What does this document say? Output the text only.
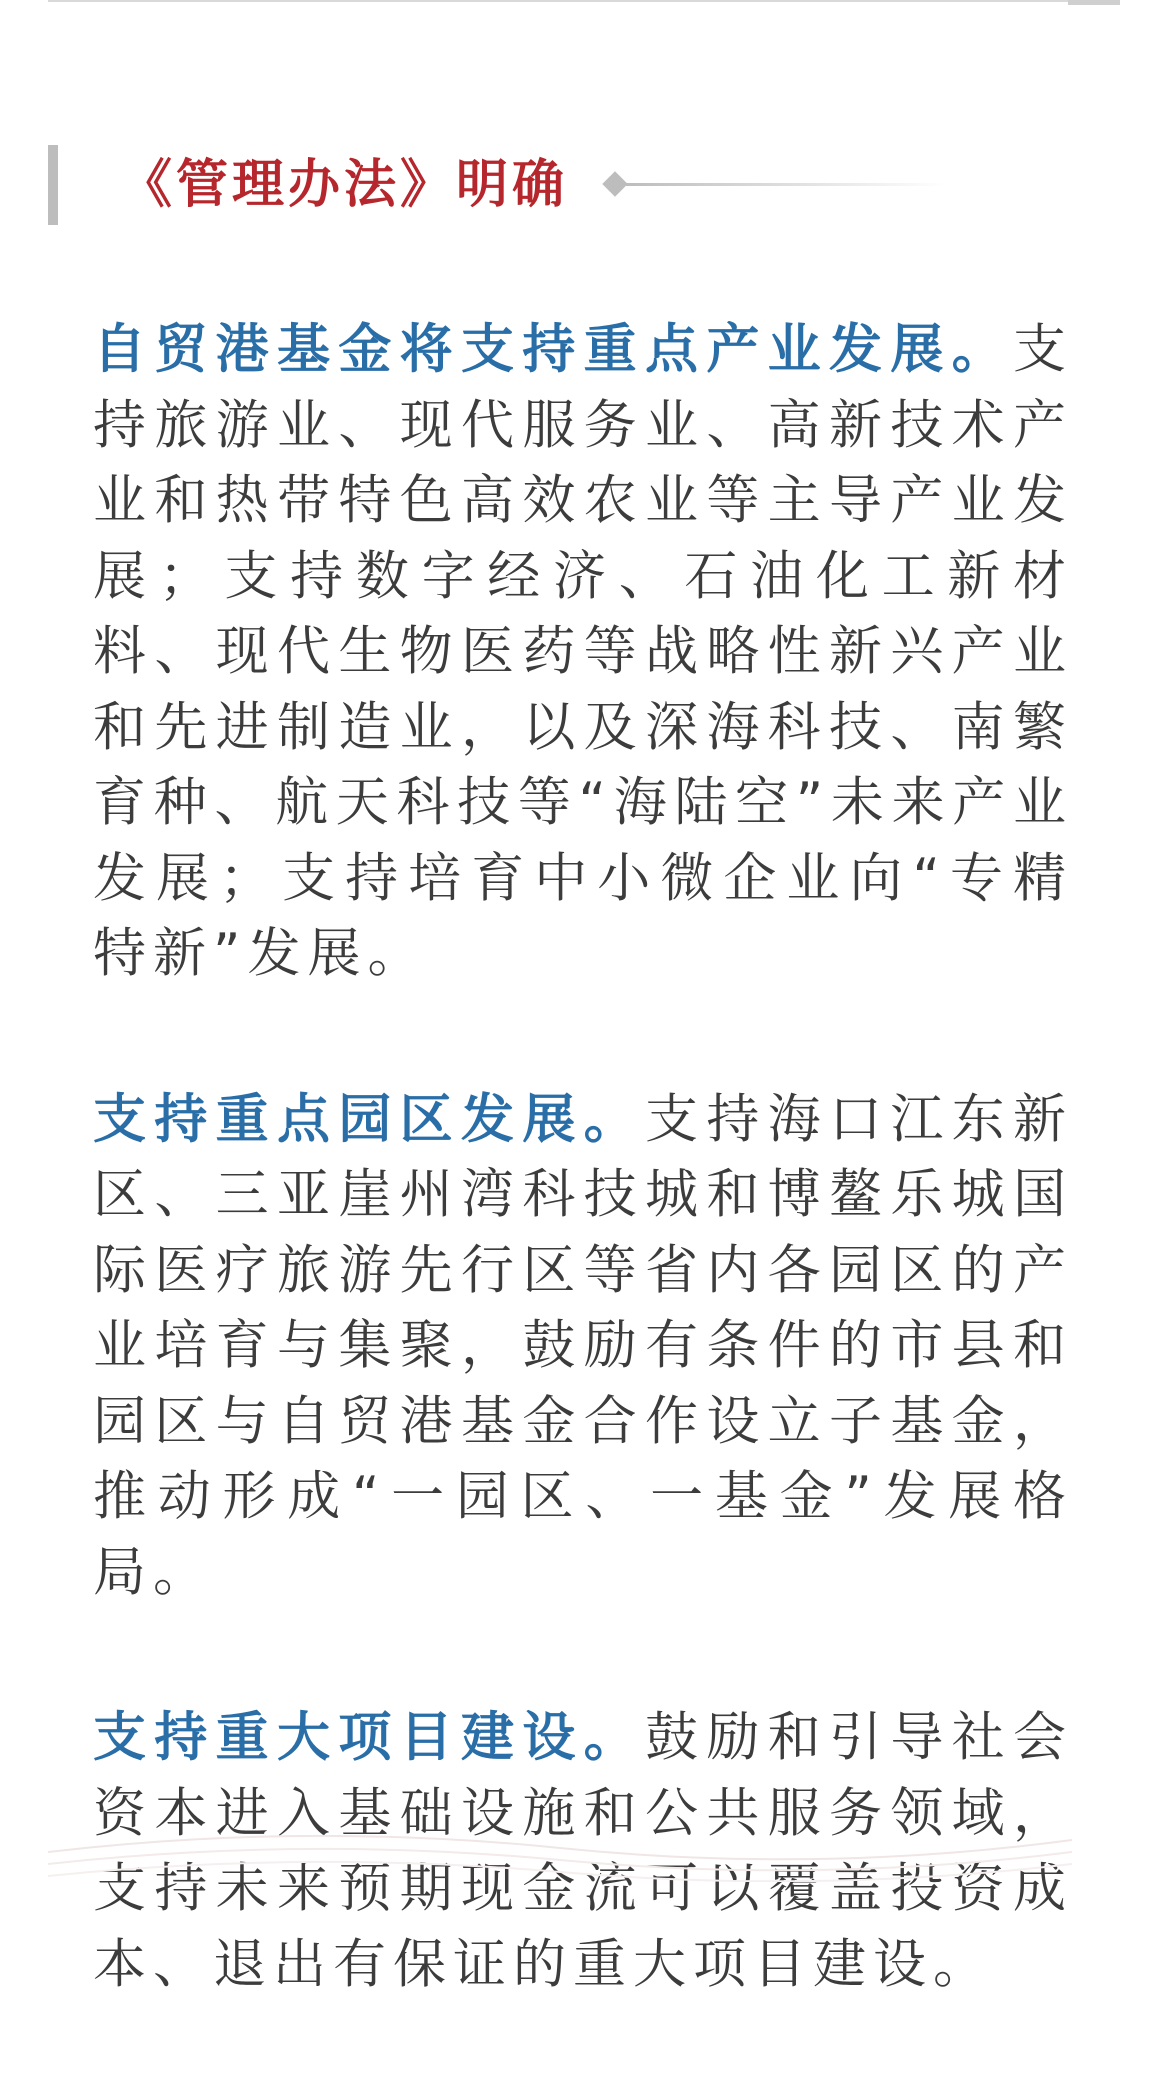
《管理办法》明确

自贸港基金将支持重点产业发展。支持旅游业、现代服务业、高新技术产业和热带特色高效农业等主导产业发展；支持数字经济、石油化工新材料、现代生物医药等战略性新兴产业和先进制造业，以及深海科技、南繁育种、航天科技等“海陆空”未来产业发展；支持培育中小微企业向“专精特新”发展。

支持重点园区发展。支持海口江东新区、三亚崖州湾科技城和博鳌乐城国际医疗旅游先行区等省内各园区的产业培育与集聚，鼓励有条件的市县和园区与自贸港基金合作设立子基金，推动形成“一园区、一基金”发展格局。

支持重大项目建设。鼓励和引导社会资本进入基础设施和公共服务领域，支持未来预期现金流可以覆盖投资成本、退出有保证的重大项目建设。
